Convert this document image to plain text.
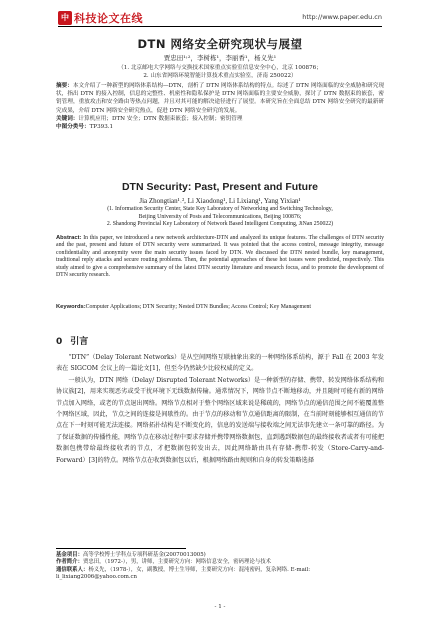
中国
科技论文在线	http://www.paper.edu.cn
DTN 网络安全研究现状与展望
贾忠田¹˒²，李树栋¹，李丽香¹，杨义先¹
（1. 北京邮电大学网络与交换技术国家重点实验室信息安全中心，北京 100876；
2. 山东省网络环境智能计算技术重点实验室，济南 250022）
摘要：本文介绍了一种新型的网络体系结构—DTN，剖析了 DTN 网络体系结构的特点。综述了 DTN 网络面临的安全威胁和研究现状，指出 DTN 的接入控制，信息的完整性、机密性和隐私保护是 DTN 网络面临的主要安全威胁，探讨了 DTN 数据束的嵌套，密钥管理，重放攻击和安全路由等热点问题，并且对其可能的解决途径进行了展望。本研究旨在全面总结 DTN 网络安全研究的最新研究成果，介绍 DTN 网络安全研究热点，促进 DTN 网络安全研究的发展。
关键词：计算机应用；DTN 安全；DTN 数据束嵌套；接入控制；密钥管理
中图分类号：TP393.1
DTN Security: Past, Present and Future
Jia Zhongtian¹˒², Li Xiaodong¹, Li Lixiang¹, Yang Yixian¹
(1. Information Security Center, State Key Laboratory of Networking and Switching Technology,
Beijing University of Posts and Telecommunications, Beijing 100876;
2. Shandong Provincial Key Laboratory of Network Based Intelligent Computing, JiNan 250022)
Abstract: In this paper, we introduced a new network architecture-DTN and analyzed its unique features. The challenges of DTN security and the past, present and future of DTN security were summarized. It was pointed that the access control, message integrity, message confidentiality and anonymity were the main security issues faced by DTN. We discussed the DTN nested bundle, key management, traditional reply attacks and secure routing problems. Then, the potential approaches of these hot issues were predicted, respectively. This study aimed to give a comprehensive summary of the latest DTN security literature and research focus, and to promote the development of DTN security research.
Keywords:Computer Applications; DTN Security; Nested DTN Bundles; Access Control; Key Management
0 引言

“DTN”（Delay Tolerant Networks）是从空间网络互联抽象出来的一种网络体系结构，源于 Fall 在 2003 年发表在 SIGCOM 会议上的一篇论文[1]，但至今仍然缺少比较权威的定义。

一般认为，DTN 网络（Delay/ Disrupted Tolerant Networks）是一种新型的存储、携带、转发网络体系结构和协议族[2]，用来实现恶劣或受干扰环境下无线数据传输。通常情况下，网络节点不断地移动，并且随时可能有新的网络节点加入网络，或老的节点退出网络。网络节点相对于整个网络区域来说是稀疏的，网络节点的通信范围之间不能覆盖整个网络区域，因此，节点之间的连接是间歇性的。由于节点的移动和节点通信距离的限制，在当前时刻能够相互通信的节点在下一时刻可能无法连接。网络拓扑结构是不断变化的，信息的发送端与接收端之间无法事先建立一条可靠的路径。为了保证数据的传播性能，网络节点在移动过程中要求存储并携带网络数据包，直到遇到数据包的最终接收者或者有可能把数据包携带给最终接收者的节点，才把数据包转发出去，因此网络路由具有存储-携带-转发（Store-Carry-and-Forward）[3]的特点。网络节点在收到数据包以后，根据网络路由规则和自身的转发策略选择

基金项目：高等学校博士学科点专项科研基金(20070013005)
作者简介：贾忠田，（1972-），男，讲师，主要研究方向：网络信息安全，密码理论与技术
通信联系人：杨义先，（1978-），女，副教授，博士生导师，主要研究方向：混沌密码，复杂网络. E-mail: li_lixiang2006@yahoo.com.cn
- 1 -
